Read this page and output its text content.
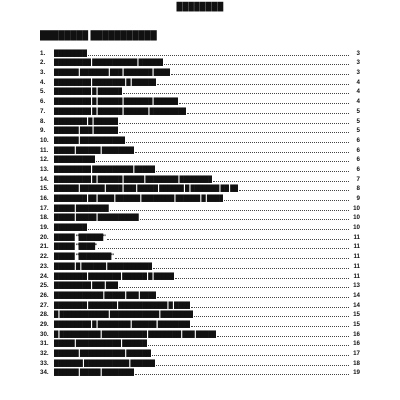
████████
████████ ███████████
1.	████████	3
2.	█████████ ███████████ ██████	3
3.	██████ ███████ ███ ███████ ████	3
4.	█████████ ████████ █ ██████	4
5.	█████████ █ ██████	4
6.	█████████ █ ██████ ███████ ██████	4
7.	█████████ █ ██████ ██████ █████████	5
8.	████████ █ ██████	5
9.	██████ ███ ██████	5
10. ██████ ███████████	6
11. █████ ██████ ████████	6
12. ██████████	6
13. █████████ ██████████ █████	6
14. █████████ █ ██████ █████ ████████ ████████	7
15. ██████ ██████ ████ ███ █████ ██████ █ ███████ ██ ██	8
16. ████████ ██ ████ ██████ ████████ ██████ █ ████	9
17. █████ ████████	10
18. █████ █████ ██████████	10
19. ████████	10
20. █████ "██████"	11
21. █████ "████"	11
22. █████ "████████"	11
23. █████ █ ██████ ███████████	11
24. ████████ ████████ ██████ █ █████	11
25. █████████ ███ ███	13
26. ████████████ █████ ███ ████	14
27. ████████ ███████ ████████████ █ ████	14
28. █ ████████████ ████████████ ████████	15
29. █████████ █ ████████ ██████ ████████	15
30. █ ██████████ ███████████ ████████ ███ █████	16
31. █████ ███████████ ██████	16
32. ██████ ███████████ ██████	17
33. ███████ ███████████ ██████	18
34. ██████ █████ ████████	19
